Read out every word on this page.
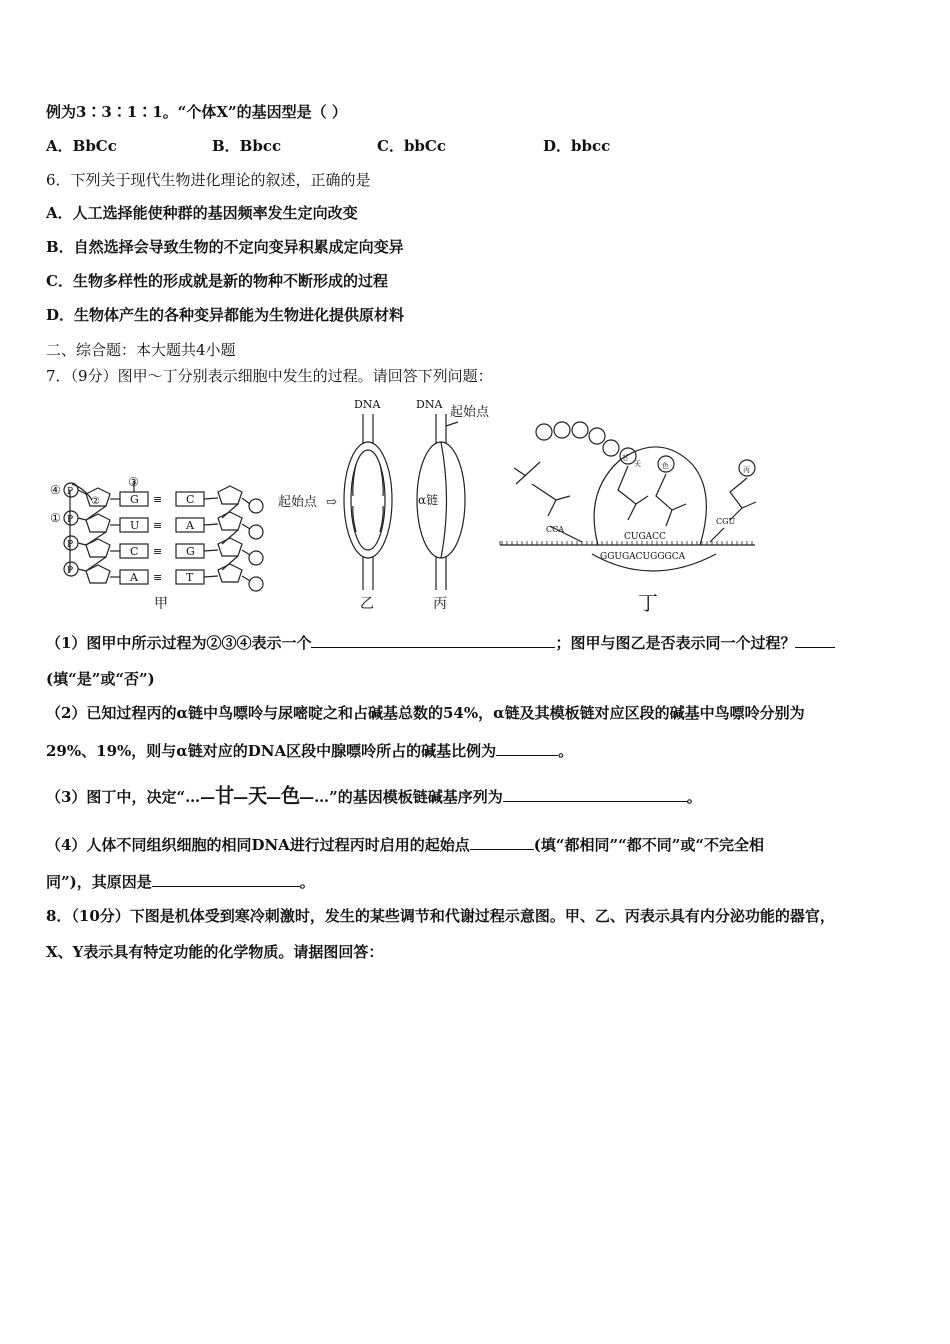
例为3∶3∶1∶1。“个体X”的基因型是（ ）
A．BbCc	B．Bbcc	C．bbCc	D．bbcc
6．下列关于现代生物进化理论的叙述，正确的是
A．人工选择能使种群的基因频率发生定向改变
B．自然选择会导致生物的不定向变异积累成定向变异
C．生物多样性的形成就是新的物种不断形成的过程
D．生物体产生的各种变异都能为生物进化提供原材料
二、综合题：本大题共4小题
7．（9分）图甲～丁分别表示细胞中发生的过程。请回答下列问题：
④
①
③
②
P
P
P
P
G
U
C
A
≡
≡
≡
≡
C
A
G
T
甲
DNA
起始点 ⇨
乙
DNA
起始点
α链
丙
CCA
CGU
CUGACC
GGUGACUGGGCA
甘
天	色	丙
丁
（1）图甲中所示过程为②③④表示一个	；图甲与图乙是否表示同一个过程？
(填“是”或“否”)
（2）已知过程丙的α链中鸟嘌呤与尿嘧啶之和占碱基总数的54%，α链及其模板链对应区段的碱基中鸟嘌呤分别为
29%、19%，则与α链对应的DNA区段中腺嘌呤所占的碱基比例为	。
（3）图丁中，决定“…—甘—天—色—…”的基因模板链碱基序列为	。
（4）人体不同组织细胞的相同DNA进行过程丙时启用的起始点	(填“都相同”“都不同”或“不完全相
同”)，其原因是	。
8．（10分）下图是机体受到寒冷刺激时，发生的某些调节和代谢过程示意图。甲、乙、丙表示具有内分泌功能的器官，
X、Y表示具有特定功能的化学物质。请据图回答：
